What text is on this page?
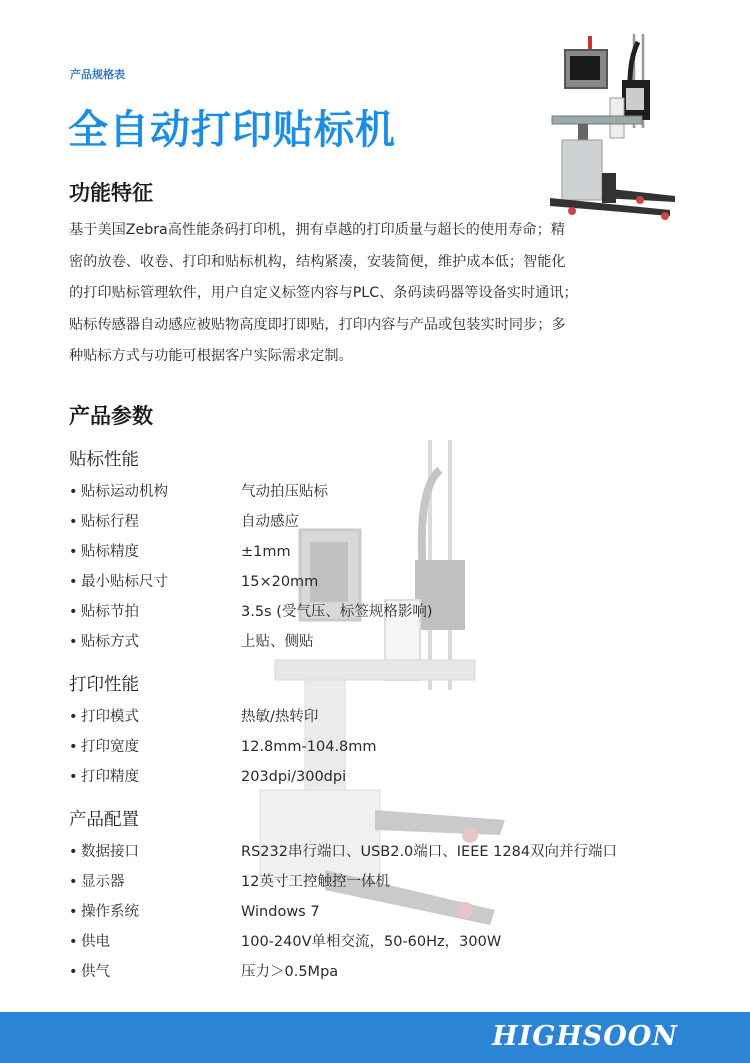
产品规格表
全自动打印贴标机
功能特征
基于美国Zebra高性能条码打印机，拥有卓越的打印质量与超长的使用寿命；精
密的放卷、收卷、打印和贴标机构，结构紧凑，安装简便，维护成本低；智能化
的打印贴标管理软件，用户自定义标签内容与PLC、条码读码器等设备实时通讯；
贴标传感器自动感应被贴物高度即打即贴，打印内容与产品或包装实时同步；多
种贴标方式与功能可根据客户实际需求定制。
产品参数
贴标性能
• 贴标运动机构	气动拍压贴标
• 贴标行程	自动感应
• 贴标精度	±1mm
• 最小贴标尺寸	15×20mm
• 贴标节拍	3.5s (受气压、标签规格影响)
• 贴标方式	上贴、侧贴
打印性能
• 打印模式	热敏/热转印
• 打印宽度	12.8mm-104.8mm
• 打印精度	203dpi/300dpi
产品配置
• 数据接口	RS232串行端口、USB2.0端口、IEEE 1284双向并行端口
• 显示器	12英寸工控触控一体机
• 操作系统	Windows 7
• 供电	100-240V单相交流，50-60Hz，300W
• 供气	压力＞0.5Mpa
HIGHSOON
